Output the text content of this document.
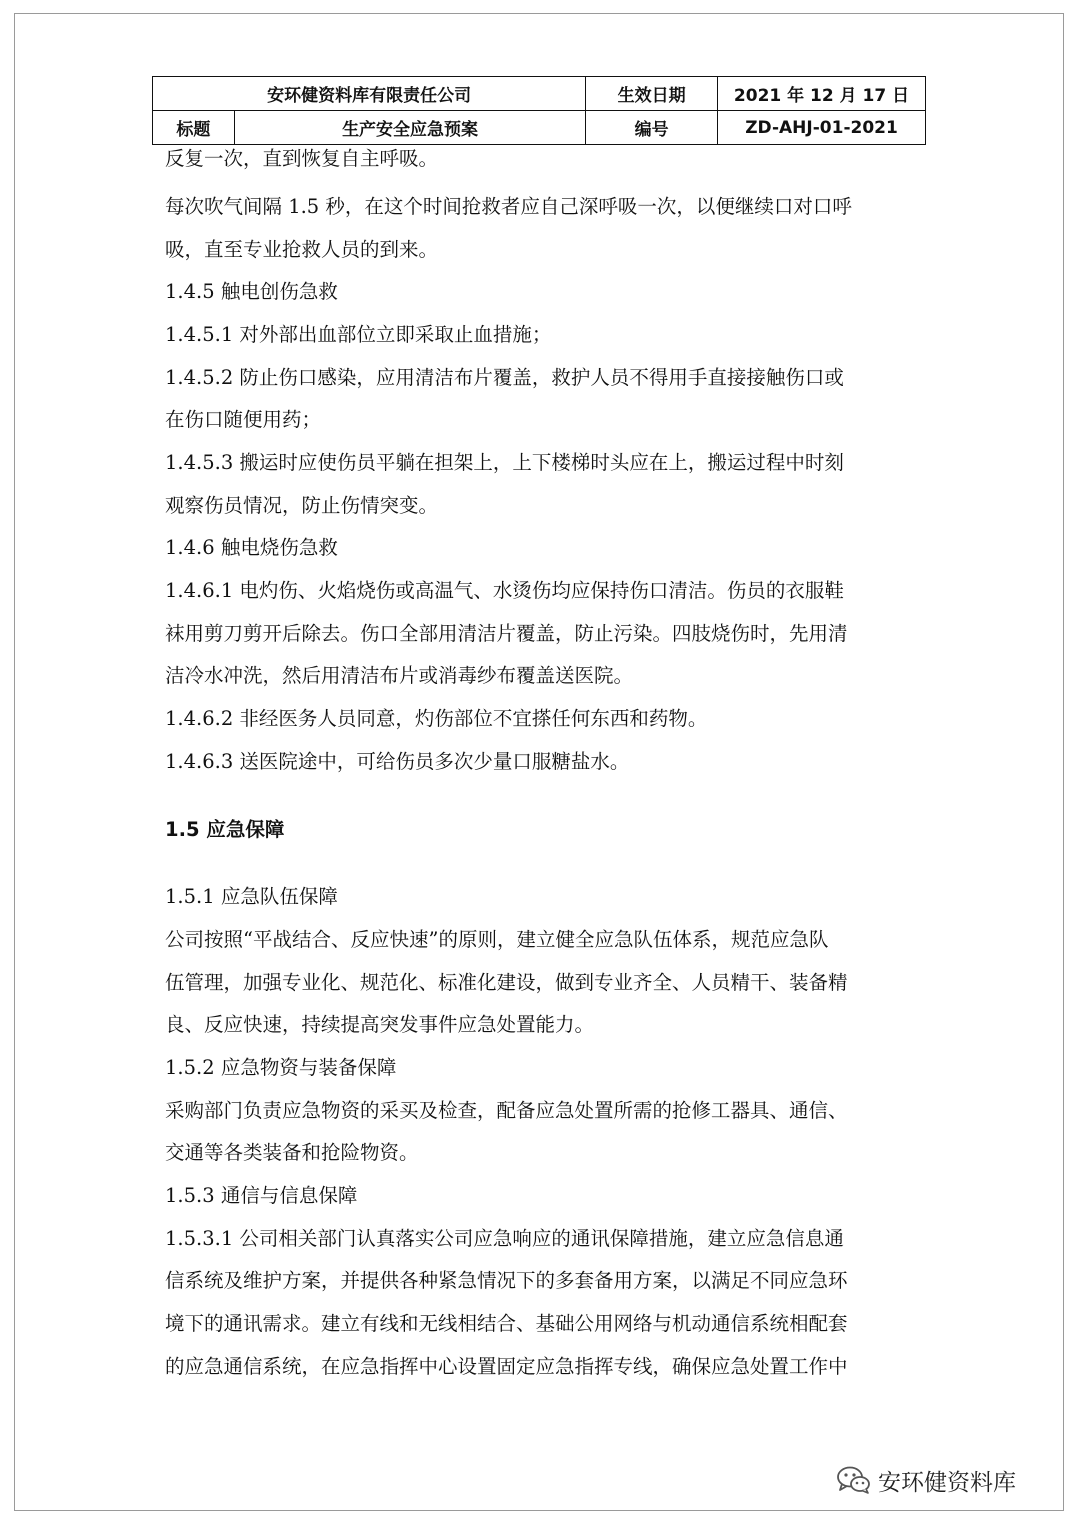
安环健资料库有限责任公司		生效日期	2021 年 12 月 17 日
标题	生产安全应急预案	编号	ZD-AHJ-01-2021
反复一次，直到恢复自主呼吸。
每次吹气间隔 1.5 秒，在这个时间抢救者应自己深呼吸一次，以便继续口对口呼
吸，直至专业抢救人员的到来。
1.4.5 触电创伤急救
1.4.5.1 对外部出血部位立即采取止血措施；
1.4.5.2 防止伤口感染，应用清洁布片覆盖，救护人员不得用手直接接触伤口或
在伤口随便用药；
1.4.5.3 搬运时应使伤员平躺在担架上，上下楼梯时头应在上，搬运过程中时刻
观察伤员情况，防止伤情突变。
1.4.6 触电烧伤急救
1.4.6.1 电灼伤、火焰烧伤或高温气、水烫伤均应保持伤口清洁。伤员的衣服鞋
袜用剪刀剪开后除去。伤口全部用清洁片覆盖，防止污染。四肢烧伤时，先用清
洁冷水冲洗，然后用清洁布片或消毒纱布覆盖送医院。
1.4.6.2 非经医务人员同意，灼伤部位不宜搽任何东西和药物。
1.4.6.3 送医院途中，可给伤员多次少量口服糖盐水。
1.5 应急保障
1.5.1 应急队伍保障
公司按照“平战结合、反应快速”的原则，建立健全应急队伍体系，规范应急队
伍管理，加强专业化、规范化、标准化建设，做到专业齐全、人员精干、装备精
良、反应快速，持续提高突发事件应急处置能力。
1.5.2 应急物资与装备保障
采购部门负责应急物资的采买及检查，配备应急处置所需的抢修工器具、通信、
交通等各类装备和抢险物资。
1.5.3 通信与信息保障
1.5.3.1 公司相关部门认真落实公司应急响应的通讯保障措施，建立应急信息通
信系统及维护方案，并提供各种紧急情况下的多套备用方案，以满足不同应急环
境下的通讯需求。建立有线和无线相结合、基础公用网络与机动通信系统相配套
的应急通信系统，在应急指挥中心设置固定应急指挥专线，确保应急处置工作中
安环健资料库
